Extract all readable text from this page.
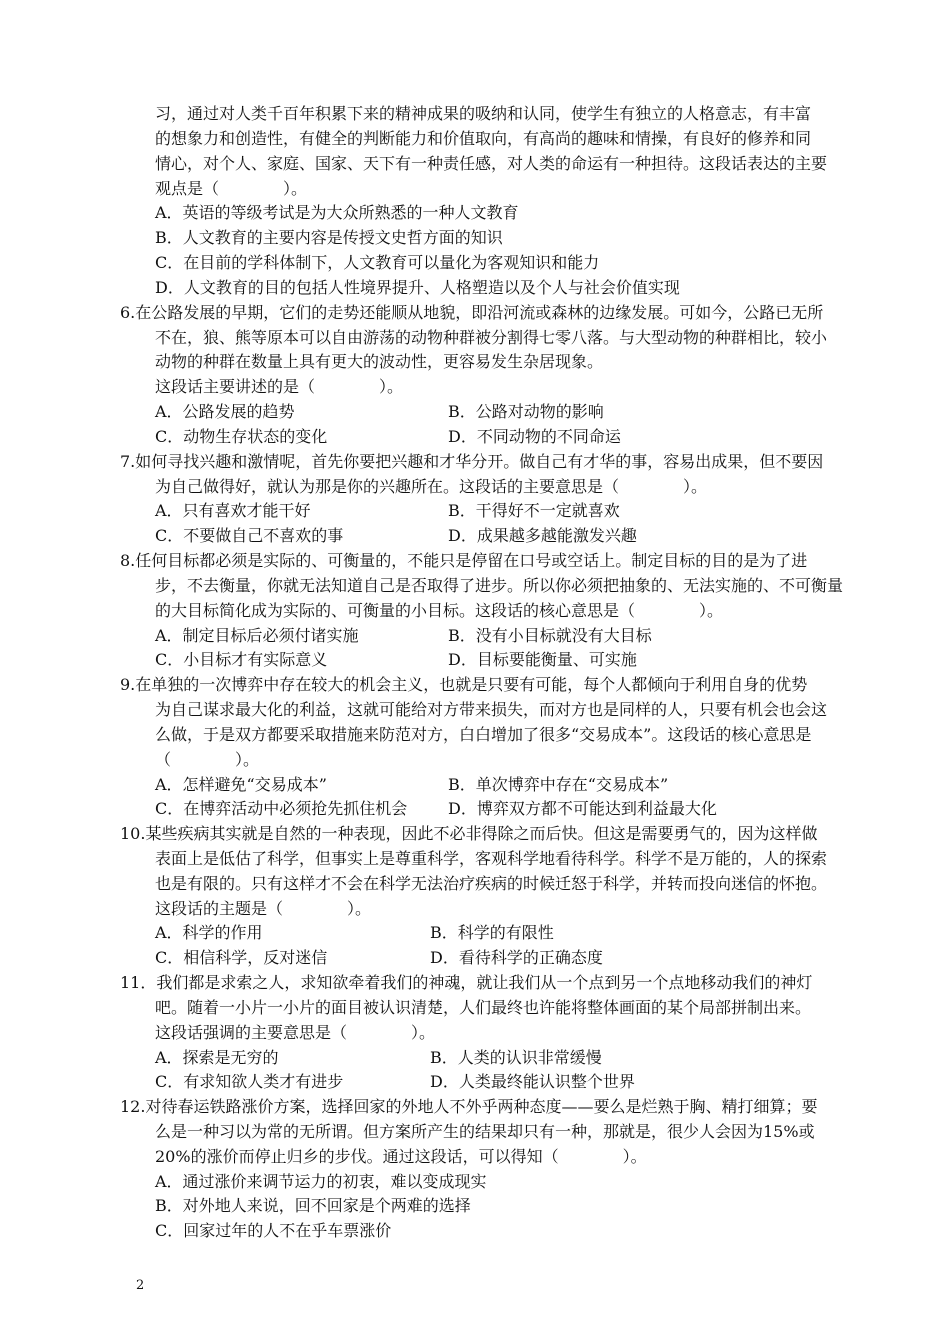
习，通过对人类千百年积累下来的精神成果的吸纳和认同，使学生有独立的人格意志，有丰富
的想象力和创造性，有健全的判断能力和价值取向，有高尚的趣味和情操，有良好的修养和同
情心，对个人、家庭、国家、天下有一种责任感，对人类的命运有一种担待。这段话表达的主要
观点是（　　　　）。
A．英语的等级考试是为大众所熟悉的一种人文教育
B．人文教育的主要内容是传授文史哲方面的知识
C．在目前的学科体制下，人文教育可以量化为客观知识和能力
D．人文教育的目的包括人性境界提升、人格塑造以及个人与社会价值实现
6.在公路发展的早期，它们的走势还能顺从地貌，即沿河流或森林的边缘发展。可如今，公路已无所
不在，狼、熊等原本可以自由游荡的动物种群被分割得七零八落。与大型动物的种群相比，较小
动物的种群在数量上具有更大的波动性，更容易发生杂居现象。
这段话主要讲述的是（　　　　）。
A．公路发展的趋势	B．公路对动物的影响
C．动物生存状态的变化	D．不同动物的不同命运
7.如何寻找兴趣和激情呢，首先你要把兴趣和才华分开。做自己有才华的事，容易出成果，但不要因
为自己做得好，就认为那是你的兴趣所在。这段话的主要意思是（　　　　）。
A．只有喜欢才能干好	B．干得好不一定就喜欢
C．不要做自己不喜欢的事	D．成果越多越能激发兴趣
8.任何目标都必须是实际的、可衡量的，不能只是停留在口号或空话上。制定目标的目的是为了进
步，不去衡量，你就无法知道自己是否取得了进步。所以你必须把抽象的、无法实施的、不可衡量
的大目标简化成为实际的、可衡量的小目标。这段话的核心意思是（　　　　）。
A．制定目标后必须付诸实施	B．没有小目标就没有大目标
C．小目标才有实际意义	D．目标要能衡量、可实施
9.在单独的一次博弈中存在较大的机会主义，也就是只要有可能，每个人都倾向于利用自身的优势
为自己谋求最大化的利益，这就可能给对方带来损失，而对方也是同样的人，只要有机会也会这
么做，于是双方都要采取措施来防范对方，白白增加了很多“交易成本”。这段话的核心意思是
（　　　　）。
A．怎样避免“交易成本”	B．单次博弈中存在“交易成本”
C．在博弈活动中必须抢先抓住机会	D．博弈双方都不可能达到利益最大化
10.某些疾病其实就是自然的一种表现，因此不必非得除之而后快。但这是需要勇气的，因为这样做
表面上是低估了科学，但事实上是尊重科学，客观科学地看待科学。科学不是万能的，人的探索
也是有限的。只有这样才不会在科学无法治疗疾病的时候迁怒于科学，并转而投向迷信的怀抱。
这段话的主题是（　　　　）。
A．科学的作用	B．科学的有限性
C．相信科学，反对迷信	D．看待科学的正确态度
11．我们都是求索之人，求知欲牵着我们的神魂，就让我们从一个点到另一个点地移动我们的神灯
吧。随着一小片一小片的面目被认识清楚，人们最终也许能将整体画面的某个局部拼制出来。
这段话强调的主要意思是（　　　　）。
A．探索是无穷的	B．人类的认识非常缓慢
C．有求知欲人类才有进步	D．人类最终能认识整个世界
12.对待春运铁路涨价方案，选择回家的外地人不外乎两种态度——要么是烂熟于胸、精打细算；要
么是一种习以为常的无所谓。但方案所产生的结果却只有一种，那就是，很少人会因为15%或
20%的涨价而停止归乡的步伐。通过这段话，可以得知（　　　　）。
A．通过涨价来调节运力的初衷，难以变成现实
B．对外地人来说，回不回家是个两难的选择
C．回家过年的人不在乎车票涨价
2
